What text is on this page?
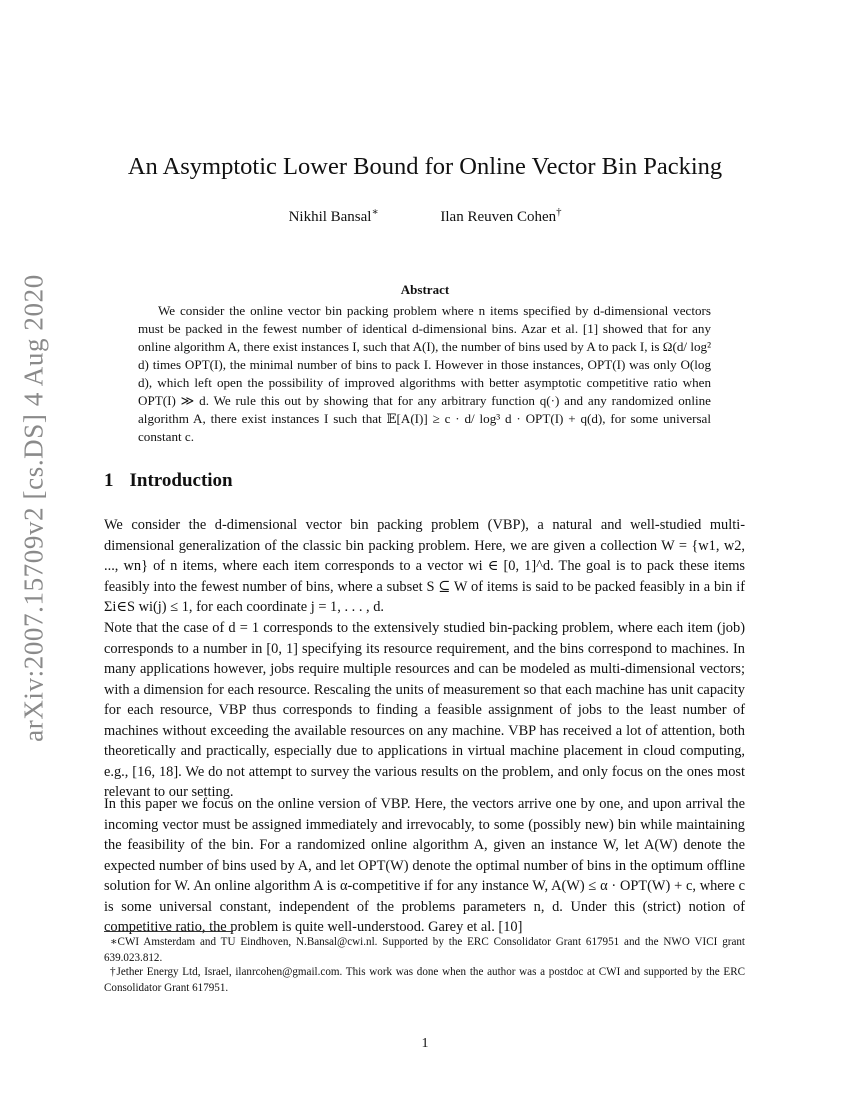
arXiv:2007.15709v2 [cs.DS] 4 Aug 2020
An Asymptotic Lower Bound for Online Vector Bin Packing
Nikhil Bansal∗	Ilan Reuven Cohen†
Abstract

We consider the online vector bin packing problem where n items specified by d-dimensional vectors must be packed in the fewest number of identical d-dimensional bins. Azar et al. [1] showed that for any online algorithm A, there exist instances I, such that A(I), the number of bins used by A to pack I, is Ω(d/ log² d) times OPT(I), the minimal number of bins to pack I. However in those instances, OPT(I) was only O(log d), which left open the possibility of improved algorithms with better asymptotic competitive ratio when OPT(I) ≫ d. We rule this out by showing that for any arbitrary function q(·) and any randomized online algorithm A, there exist instances I such that 𝔼[A(I)] ≥ c · d/ log³ d · OPT(I) + q(d), for some universal constant c.

1 Introduction

We consider the d-dimensional vector bin packing problem (VBP), a natural and well-studied multi-dimensional generalization of the classic bin packing problem. Here, we are given a collection W = {w1, w2, ..., wn} of n items, where each item corresponds to a vector wi ∈ [0, 1]^d. The goal is to pack these items feasibly into the fewest number of bins, where a subset S ⊆ W of items is said to be packed feasibly in a bin if Σi∈S wi(j) ≤ 1, for each coordinate j = 1, . . . , d.

Note that the case of d = 1 corresponds to the extensively studied bin-packing problem, where each item (job) corresponds to a number in [0, 1] specifying its resource requirement, and the bins correspond to machines. In many applications however, jobs require multiple resources and can be modeled as multi-dimensional vectors; with a dimension for each resource. Rescaling the units of measurement so that each machine has unit capacity for each resource, VBP thus corresponds to finding a feasible assignment of jobs to the least number of machines without exceeding the available resources on any machine. VBP has received a lot of attention, both theoretically and practically, especially due to applications in virtual machine placement in cloud computing, e.g., [16, 18]. We do not attempt to survey the various results on the problem, and only focus on the ones most relevant to our setting.

In this paper we focus on the online version of VBP. Here, the vectors arrive one by one, and upon arrival the incoming vector must be assigned immediately and irrevocably, to some (possibly new) bin while maintaining the feasibility of the bin. For a randomized online algorithm A, given an instance W, let A(W) denote the expected number of bins used by A, and let OPT(W) denote the optimal number of bins in the optimum offline solution for W. An online algorithm A is α-competitive if for any instance W, A(W) ≤ α · OPT(W) + c, where c is some universal constant, independent of the problems parameters n, d. Under this (strict) notion of competitive ratio, the problem is quite well-understood. Garey et al. [10]

∗CWI Amsterdam and TU Eindhoven, N.Bansal@cwi.nl. Supported by the ERC Consolidator Grant 617951 and the NWO VICI grant 639.023.812.

†Jether Energy Ltd, Israel, ilanrcohen@gmail.com. This work was done when the author was a postdoc at CWI and supported by the ERC Consolidator Grant 617951.

1
